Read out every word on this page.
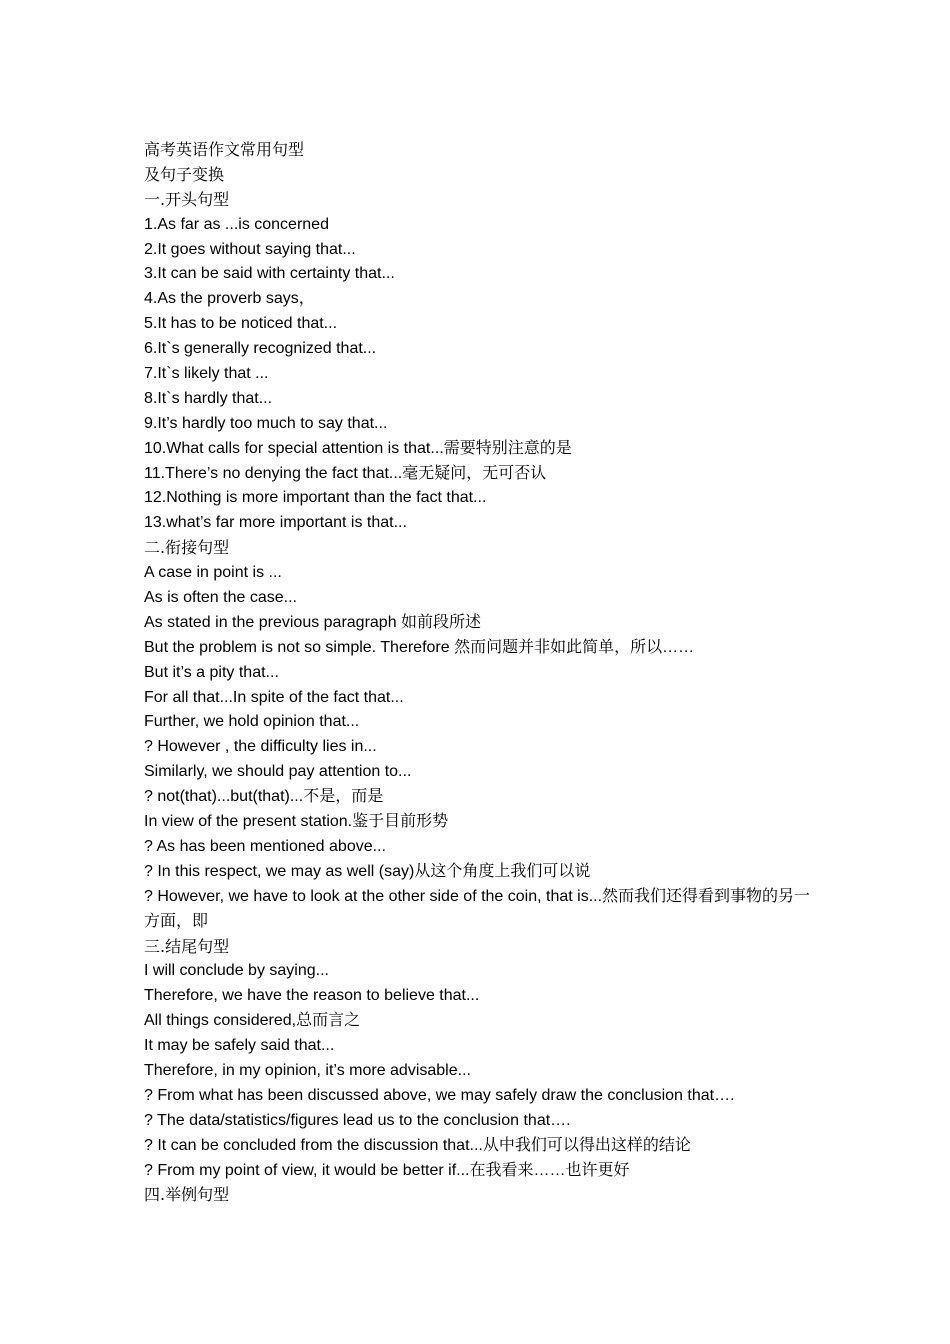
高考英语作文常用句型
及句子变换
一.开头句型
1.As far as ...is concerned
2.It goes without saying that...
3.It can be said with certainty that...
4.As the proverb says，
5.It has to be noticed that...
6.It`s generally recognized that...
7.It`s likely that ...
8.It`s hardly that...
9.It’s hardly too much to say that...
10.What calls for special attention is that...需要特别注意的是
11.There’s no denying the fact that...毫无疑问，无可否认
12.Nothing is more important than the fact that...
13.what’s far more important is that...
二.衔接句型
A case in point is ...
As is often the case...
As stated in the previous paragraph 如前段所述
But the problem is not so simple. Therefore 然而问题并非如此简单，所以……
But it’s a pity that...
For all that...In spite of the fact that...
Further, we hold opinion that...
? However , the difficulty lies in...
Similarly, we should pay attention to...
? not(that)...but(that)...不是，而是
In view of the present station.鉴于目前形势
? As has been mentioned above...
? In this respect, we may as well (say)从这个角度上我们可以说
? However, we have to look at the other side of the coin, that is...然而我们还得看到事物的另一方面，即
三.结尾句型
I will conclude by saying...
Therefore, we have the reason to believe that...
All things considered,总而言之
It may be safely said that...
Therefore, in my opinion, it’s more advisable...
? From what has been discussed above, we may safely draw the conclusion that….
? The data/statistics/figures lead us to the conclusion that….
? It can be concluded from the discussion that...从中我们可以得出这样的结论
? From my point of view, it would be better if...在我看来……也许更好
四.举例句型
